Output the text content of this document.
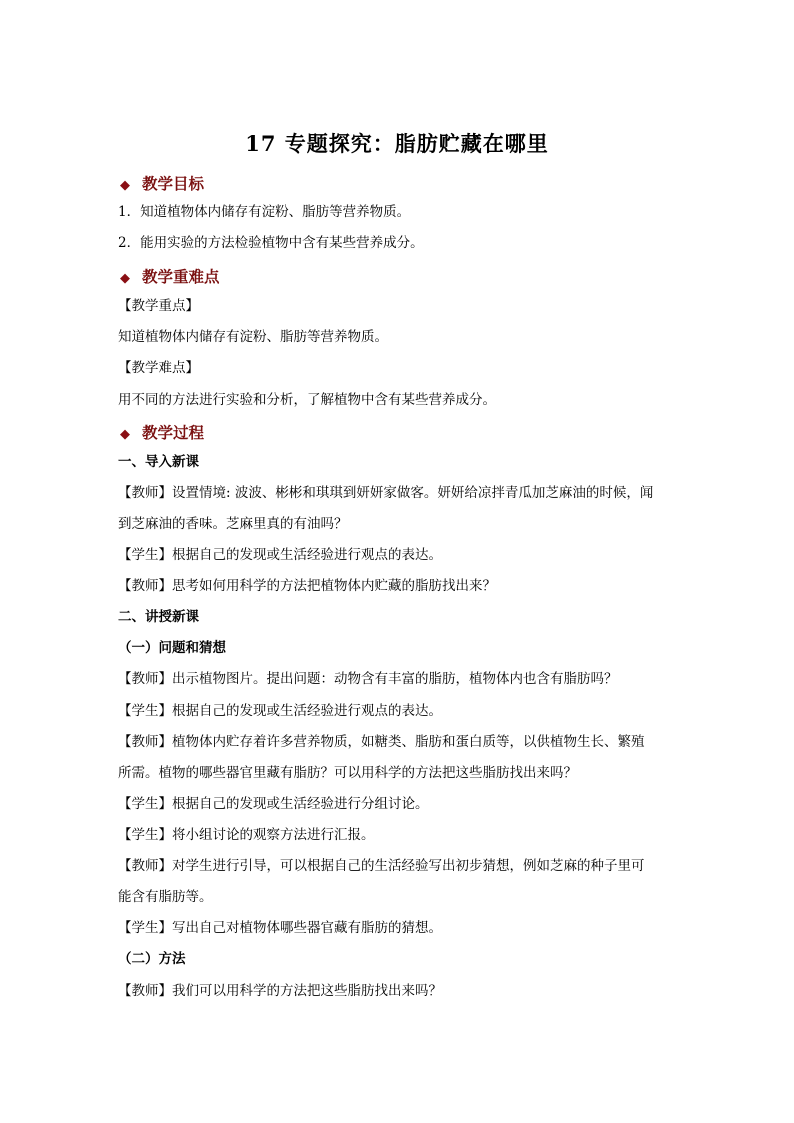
17 专题探究：脂肪贮藏在哪里
◆ 教学目标
1．知道植物体内储存有淀粉、脂肪等营养物质。
2．能用实验的方法检验植物中含有某些营养成分。
◆ 教学重难点
【教学重点】
知道植物体内储存有淀粉、脂肪等营养物质。
【教学难点】
用不同的方法进行实验和分析，了解植物中含有某些营养成分。
◆ 教学过程
一、导入新课
【教师】设置情境: 波波、彬彬和琪琪到妍妍家做客。妍妍给凉拌青瓜加芝麻油的时候，闻
到芝麻油的香味。芝麻里真的有油吗？
【学生】根据自己的发现或生活经验进行观点的表达。
【教师】思考如何用科学的方法把植物体内贮藏的脂肪找出来？
二、讲授新课
（一）问题和猜想
【教师】出示植物图片。提出问题：动物含有丰富的脂肪，植物体内也含有脂肪吗？
【学生】根据自己的发现或生活经验进行观点的表达。
【教师】植物体内贮存着许多营养物质，如糖类、脂肪和蛋白质等，以供植物生长、繁殖
所需。植物的哪些器官里藏有脂肪？可以用科学的方法把这些脂肪找出来吗？
【学生】根据自己的发现或生活经验进行分组讨论。
【学生】将小组讨论的观察方法进行汇报。
【教师】对学生进行引导，可以根据自己的生活经验写出初步猜想，例如芝麻的种子里可
能含有脂肪等。
【学生】写出自己对植物体哪些器官藏有脂肪的猜想。
（二）方法
【教师】我们可以用科学的方法把这些脂肪找出来吗？
